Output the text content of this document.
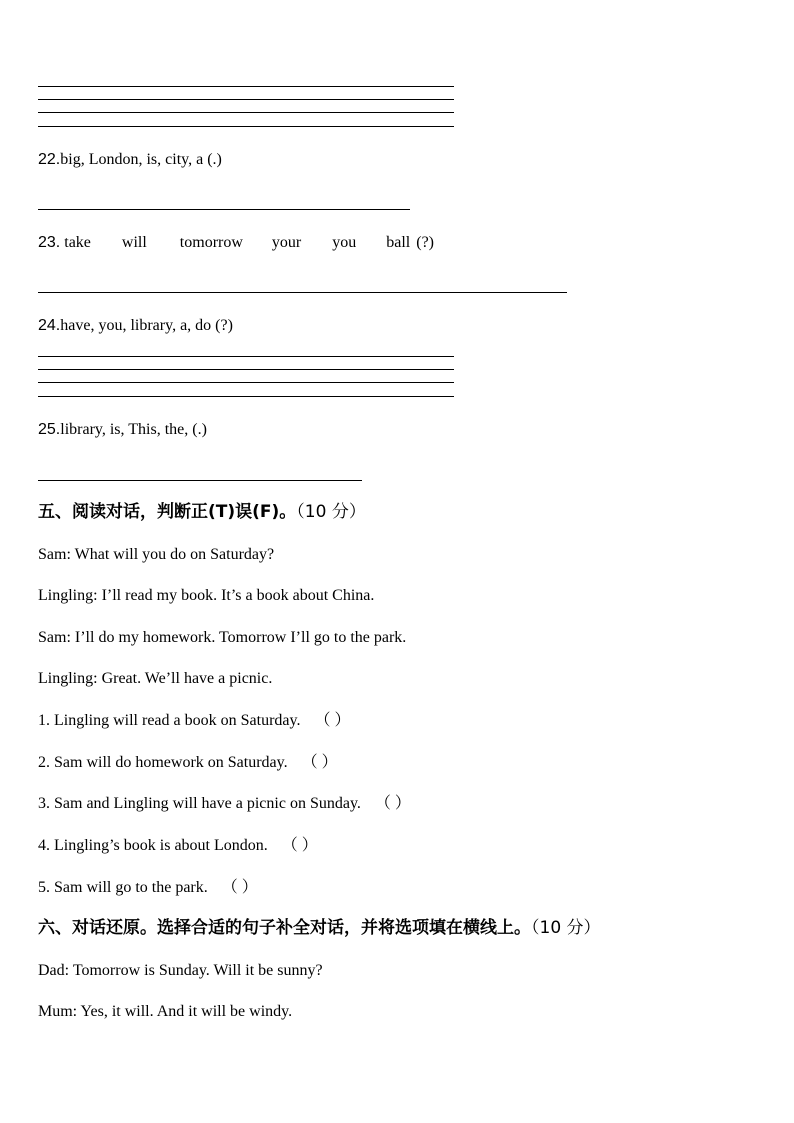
22.big, London, is, city, a (.)
23. take will tomorrow your you ball (?)
24.have, you, library, a, do (?)
25.library, is, This, the, (.)
五、阅读对话，判断正(T)误(F)。（10 分）
Sam: What will you do on Saturday?
Lingling: I’ll read my book. It’s a book about China.
Sam: I’ll do my homework. Tomorrow I’ll go to the park.
Lingling: Great. We’ll have a picnic.
1. Lingling will read a book on Saturday. （ ）
2. Sam will do homework on Saturday. （ ）
3. Sam and Lingling will have a picnic on Sunday. （ ）
4. Lingling’s book is about London. （ ）
5. Sam will go to the park. （ ）
六、对话还原。选择合适的句子补全对话，并将选项填在横线上。（10 分）
Dad: Tomorrow is Sunday. Will it be sunny?
Mum: Yes, it will. And it will be windy.
